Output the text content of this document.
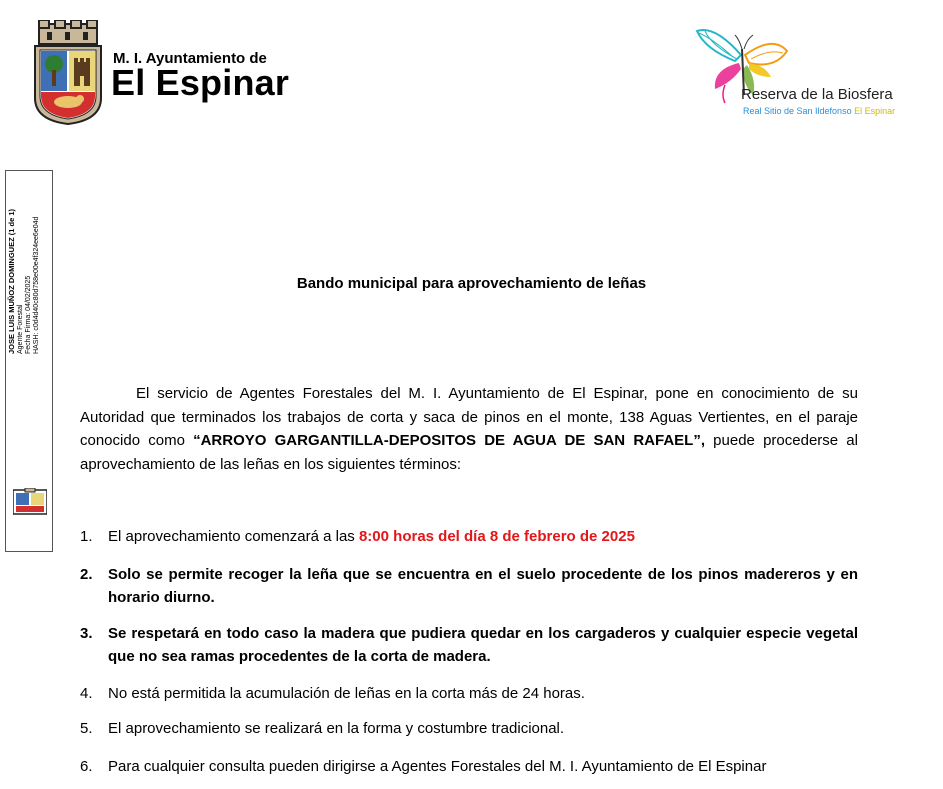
M. I. Ayuntamiento de
El Espinar	Reserva de la Biosfera
Real Sitio de San Ildefonso El Espinar
JOSE LUIS MUÑOZ DOMINGUEZ (1 de 1) Agente Forestal Fecha Firma: 04/02/2025 HASH: c0d4d40c80d758e00e4f324ee6e04d	Bando municipal para aprovechamiento de leñas
El servicio de Agentes Forestales del M. I. Ayuntamiento de El Espinar, pone en conocimiento de su Autoridad que terminados los trabajos de corta y saca de pinos en el monte, 138 Aguas Vertientes, en el paraje conocido como “ARROYO GARGANTILLA-DEPOSITOS DE AGUA DE SAN RAFAEL”, puede procederse al aprovechamiento de las leñas en los siguientes términos:
1.	El aprovechamiento comenzará a las 8:00 horas del día 8 de febrero de 2025
2.	Solo se permite recoger la leña que se encuentra en el suelo procedente de los pinos madereros y en horario diurno.
3.	Se respetará en todo caso la madera que pudiera quedar en los cargaderos y cualquier especie vegetal que no sea ramas procedentes de la corta de madera.
4.	No está permitida la acumulación de leñas en la corta más de 24 horas.
5.	El aprovechamiento se realizará en la forma y costumbre tradicional.
6.	Para cualquier consulta pueden dirigirse a Agentes Forestales del M. I. Ayuntamiento de El Espinar
